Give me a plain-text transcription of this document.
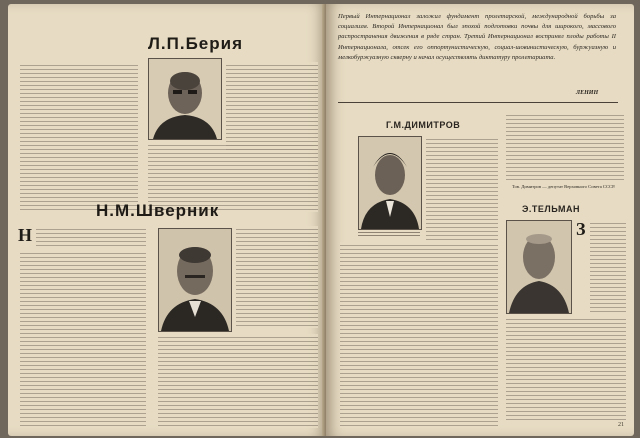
Л.П.Берия
Н.М.Шверник
Н
Первый Интернационал заложил фундамент пролетарской, международной борьбы за социализм. Второй Интернационал был эпохой подготовки почвы для широкого, массового распространения движения в ряде стран. Третий Интернационал воспринял плоды работы II Интернационала, отсек его оппортунистическую, социал-шовинистическую, буржуазную и мелкобуржуазную скверну и начал осуществлять диктатуру пролетариата.
ЛЕНИН
Г.М.ДИМИТРОВ
Тов. Димитров — депутат Верховного Совета СССР.
Э.ТЕЛЬМАН
З
21
